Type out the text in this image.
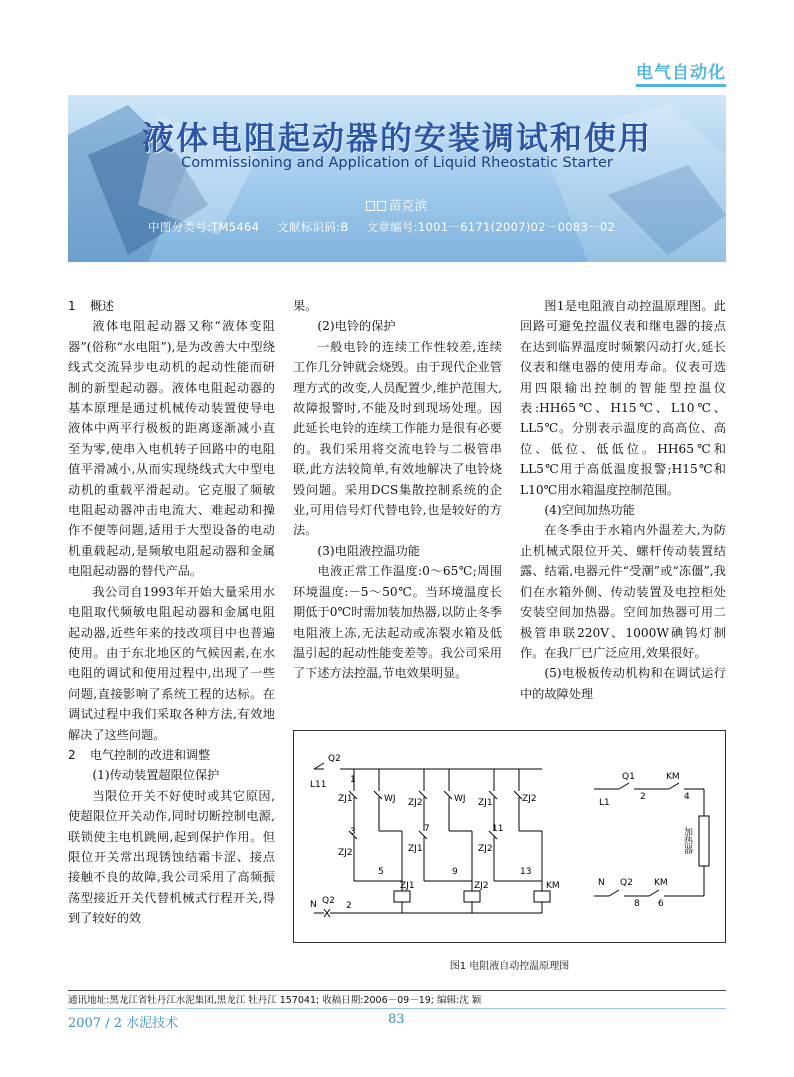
电气自动化
液体电阻起动器的安装调试和使用
Commissioning and Application of Liquid Rheostatic Starter
苗克滨
中图分类号:TM5464 文献标识码:B 文章编号:1001－6171(2007)02－0083－02

1 概述

液体电阻起动器又称“液体变阻器”(俗称“水电阻”),是为改善大中型绕线式交流异步电动机的起动性能而研制的新型起动器。液体电阻起动器的基本原理是通过机械传动装置使导电液体中两平行极板的距离逐渐减小直至为零,使串入电机转子回路中的电阻值平滑减小,从而实现绕线式大中型电动机的重载平滑起动。它克服了频敏电阻起动器冲击电流大、难起动和操作不便等问题,适用于大型设备的电动机重载起动,是频敏电阻起动器和金属电阻起动器的替代产品。

我公司自1993年开始大量采用水电阻取代频敏电阻起动器和金属电阻起动器,近些年来的技改项目中也普遍使用。由于东北地区的气候因素,在水电阻的调试和使用过程中,出现了一些问题,直接影响了系统工程的达标。在调试过程中我们采取各种方法,有效地解决了这些问题。

2 电气控制的改进和调整

(1)传动装置超限位保护

当限位开关不好使时或其它原因,使超限位开关动作,同时切断控制电源,联锁使主电机跳闸,起到保护作用。但限位开关常出现锈蚀结霜卡涩、接点接触不良的故障,我公司采用了高频振荡型接近开关代替机械式行程开关,得到了较好的效

果。

(2)电铃的保护

一般电铃的连续工作性较差,连续工作几分钟就会烧毁。由于现代企业管理方式的改变,人员配置少,维护范围大,故障报警时,不能及时到现场处理。因此延长电铃的连续工作能力是很有必要的。我们采用将交流电铃与二极管串联,此方法较简单,有效地解决了电铃烧毁问题。采用DCS集散控制系统的企业,可用信号灯代替电铃,也是较好的方法。

(3)电阻液控温功能

电液正常工作温度:0～65℃;周围环境温度:－5～50℃。当环境温度长期低于0℃时需加装加热器,以防止冬季电阻液上冻,无法起动或冻裂水箱及低温引起的起动性能变差等。我公司采用了下述方法控温,节电效果明显。

图1是电阻液自动控温原理图。此回路可避免控温仪表和继电器的接点在达到临界温度时频繁闪动打火,延长仪表和继电器的使用寿命。仪表可选用四限输出控制的智能型控温仪表:HH65℃、H15℃、L10℃、LL5℃。分别表示温度的高高位、高位、低位、低低位。HH65℃和LL5℃用于高低温度报警;H15℃和L10℃用水箱温度控制范围。

(4)空间加热功能

在冬季由于水箱内外温差大,为防止机械式限位开关、螺杆传动装置结露、结霜,电器元件“受潮”或“冻僵”,我们在水箱外侧、传动装置及电控柜处安装空间加热器。空间加热器可用二极管串联220V、1000W碘钨灯制作。在我厂已广泛应用,效果很好。

(5)电极板传动机构和在调试运行中的故障处理

Q2
L11	1
ZJ1	WJ ZJ2	WJ ZJ1	ZJ2
3	7	11
ZJ2	ZJ1	ZJ2
5	9	13
ZJ1	ZJ2	KM
N Q2 2
Q1	KM
L1
2	4
加热器
N Q2 KM
8 6
图1 电阻液自动控温原理图
通讯地址:黑龙江省牡丹江水泥集团,黑龙江 牡丹江 157041; 收稿日期:2006－09－19; 编辑:沈 颖
2007 / 2 水泥技术	83
